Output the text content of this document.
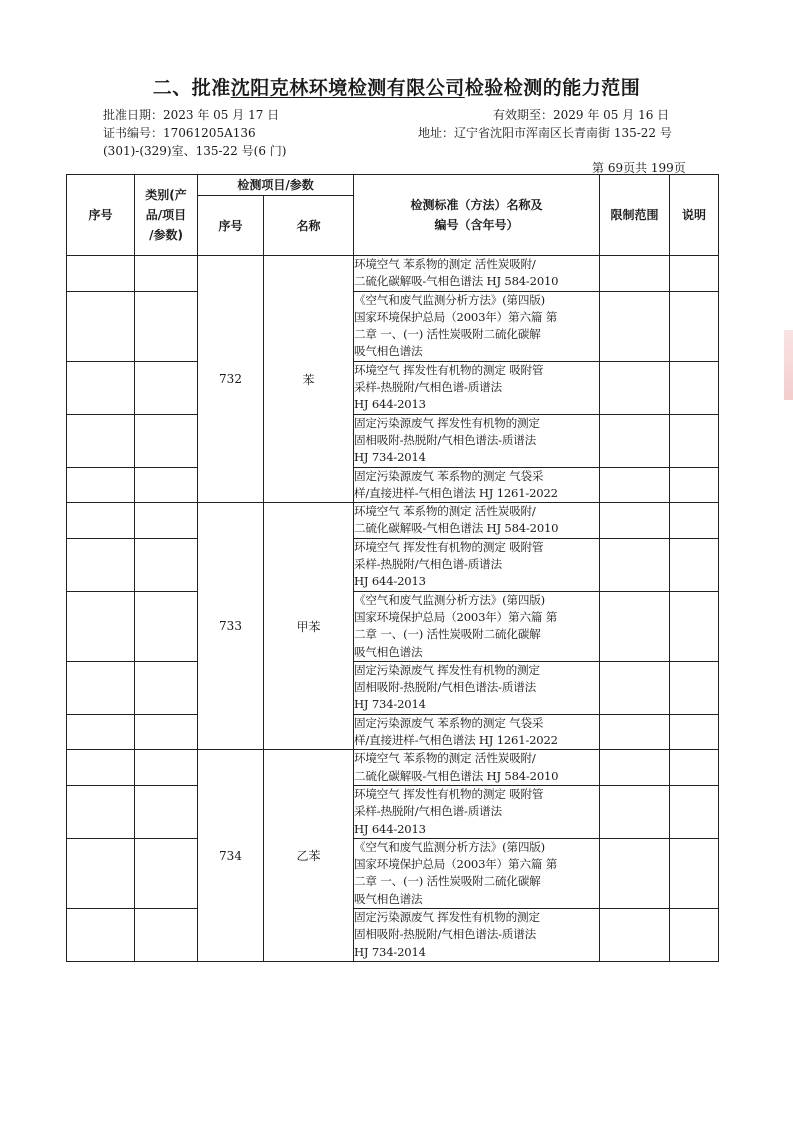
二、批准沈阳克林环境检测有限公司检验检测的能力范围
批准日期：2023 年 05 月 17 日	有效期至：2029 年 05 月 16 日
证书编号：17061205A136	地址：辽宁省沈阳市浑南区长青南街 135-22 号
(301)-(329)室、135-22 号(6 门)
第 69页共 199页
序号	类别(产
品/项目
/参数)	检测项目/参数		检测标准（方法）名称及
编号（含年号）	限制范围	说明
		序号	名称			
		732	苯	环境空气 苯系物的测定 活性炭吸附/
二硫化碳解吸-气相色谱法 HJ 584-2010		

				《空气和废气监测分析方法》(第四版)
国家环境保护总局（2003年）第六篇 第
二章 一、(一) 活性炭吸附二硫化碳解
吸气相色谱法		

				环境空气 挥发性有机物的测定 吸附管
采样-热脱附/气相色谱-质谱法
HJ 644-2013		

				固定污染源废气 挥发性有机物的测定
固相吸附-热脱附/气相色谱法-质谱法
HJ 734-2014		

				固定污染源废气 苯系物的测定 气袋采
样/直接进样-气相色谱法 HJ 1261-2022		

		733	甲苯	环境空气 苯系物的测定 活性炭吸附/
二硫化碳解吸-气相色谱法 HJ 584-2010		

				环境空气 挥发性有机物的测定 吸附管
采样-热脱附/气相色谱-质谱法
HJ 644-2013		

				《空气和废气监测分析方法》(第四版)
国家环境保护总局（2003年）第六篇 第
二章 一、(一) 活性炭吸附二硫化碳解
吸气相色谱法		

				固定污染源废气 挥发性有机物的测定
固相吸附-热脱附/气相色谱法-质谱法
HJ 734-2014		

				固定污染源废气 苯系物的测定 气袋采
样/直接进样-气相色谱法 HJ 1261-2022		

		734	乙苯	环境空气 苯系物的测定 活性炭吸附/
二硫化碳解吸-气相色谱法 HJ 584-2010		

				环境空气 挥发性有机物的测定 吸附管
采样-热脱附/气相色谱-质谱法
HJ 644-2013		

				《空气和废气监测分析方法》(第四版)
国家环境保护总局（2003年）第六篇 第
二章 一、(一) 活性炭吸附二硫化碳解
吸气相色谱法		

				固定污染源废气 挥发性有机物的测定
固相吸附-热脱附/气相色谱法-质谱法
HJ 734-2014		
